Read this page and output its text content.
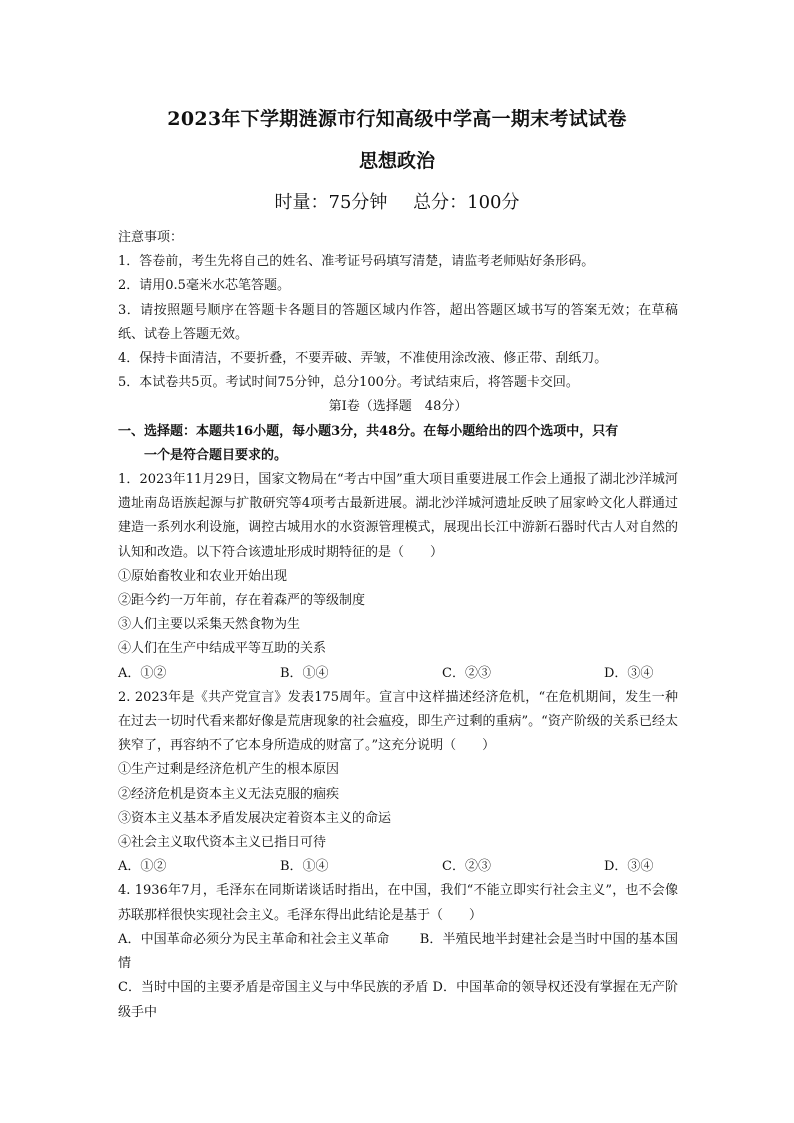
2023年下学期涟源市行知高级中学高一期末考试试卷
思想政治
时量：75分钟 总分：100分
注意事项：
1．答卷前，考生先将自己的姓名、准考证号码填写清楚，请监考老师贴好条形码。
2．请用0.5毫米水芯笔答题。
3．请按照题号顺序在答题卡各题目的答题区域内作答，超出答题区域书写的答案无效；在草稿纸、试卷上答题无效。
4．保持卡面清洁，不要折叠，不要弄破、弄皱，不准使用涂改液、修正带、刮纸刀。
5．本试卷共5页。考试时间75分钟，总分100分。考试结束后，将答题卡交回。
第Ⅰ卷（选择题　48分）
一、选择题：本题共16小题，每小题3分，共48分。在每小题给出的四个选项中，只有
一个是符合题目要求的。
1．2023年11月29日，国家文物局在“考古中国”重大项目重要进展工作会上通报了湖北沙洋城河遗址南岛语族起源与扩散研究等4项考古最新进展。湖北沙洋城河遗址反映了屈家岭文化人群通过建造一系列水利设施，调控古城用水的水资源管理模式，展现出长江中游新石器时代古人对自然的认知和改造。以下符合该遗址形成时期特征的是（　　）
①原始畜牧业和农业开始出现
②距今约一万年前，存在着森严的等级制度
③人们主要以采集天然食物为生
④人们在生产中结成平等互助的关系
A．①②	B．①④	C．②③	D．③④
2. 2023年是《共产党宣言》发表175周年。宣言中这样描述经济危机，“在危机期间，发生一种在过去一切时代看来都好像是荒唐现象的社会瘟疫，即生产过剩的重病”。“资产阶级的关系已经太狭窄了，再容纳不了它本身所造成的财富了。”这充分说明（　　）
①生产过剩是经济危机产生的根本原因
②经济危机是资本主义无法克服的痼疾
③资本主义基本矛盾发展决定着资本主义的命运
④社会主义取代资本主义已指日可待
A．①②	B．①④	C．②③	D．③④
4. 1936年7月，毛泽东在同斯诺谈话时指出，在中国，我们“不能立即实行社会主义”，也不会像苏联那样很快实现社会主义。毛泽东得出此结论是基于（　　）
A．中国革命必须分为民主革命和社会主义革命　　 B．半殖民地半封建社会是当时中国的基本国情
C．当时中国的主要矛盾是帝国主义与中华民族的矛盾 D．中国革命的领导权还没有掌握在无产阶级手中
